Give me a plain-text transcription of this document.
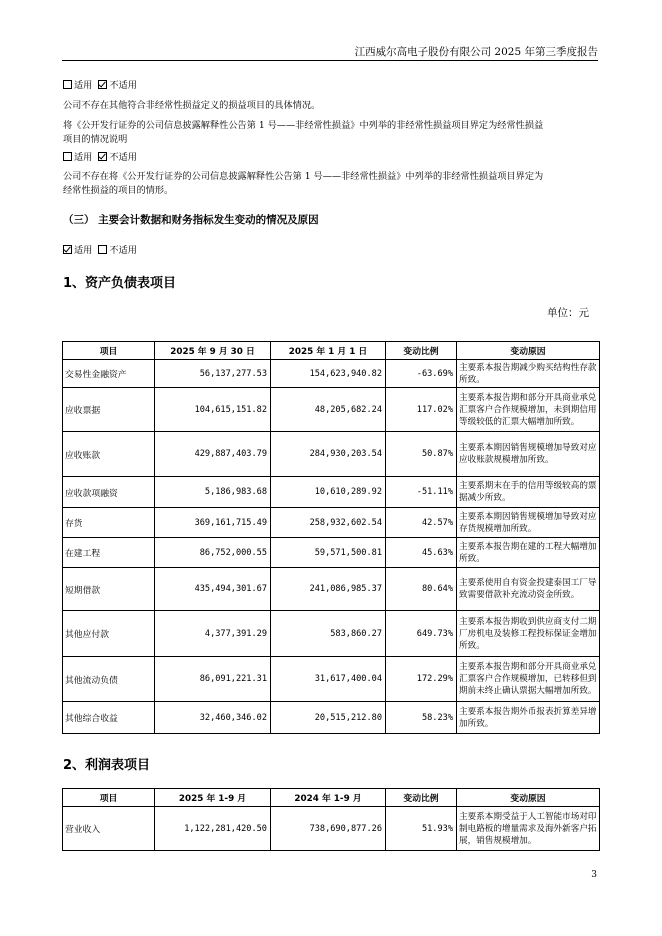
江西威尔高电子股份有限公司 2025 年第三季度报告
适用 不适用
公司不存在其他符合非经常性损益定义的损益项目的具体情况。
将《公开发行证券的公司信息披露解释性公告第 1 号——非经常性损益》中列举的非经常性损益项目界定为经常性损益
项目的情况说明
适用 不适用
公司不存在将《公开发行证券的公司信息披露解释性公告第 1 号——非经常性损益》中列举的非经常性损益项目界定为
经常性损益的项目的情形。
（三） 主要会计数据和财务指标发生变动的情况及原因
适用 不适用
1、资产负债表项目
单位：元
项目	2025 年 9 月 30 日	2025 年 1 月 1 日	变动比例	变动原因
交易性金融资产	56,137,277.53	154,623,940.82	-63.69%	主要系本报告期减少购买结构性存款所致。
应收票据	104,615,151.82	48,205,682.24	117.02%	主要系本报告期和部分开具商业承兑汇票客户合作规模增加，未到期信用等级较低的汇票大幅增加所致。
应收账款	429,887,403.79	284,930,203.54	50.87%	主要系本期因销售规模增加导致对应应收账款规模增加所致。
应收款项融资	5,186,983.68	10,610,289.92	-51.11%	主要系期末在手的信用等级较高的票据减少所致。
存货	369,161,715.49	258,932,602.54	42.57%	主要系本期因销售规模增加导致对应存货规模增加所致。
在建工程	86,752,000.55	59,571,500.81	45.63%	主要系本报告期在建的工程大幅增加所致。
短期借款	435,494,301.67	241,086,985.37	80.64%	主要系使用自有资金投建泰国工厂导致需要借款补充流动资金所致。
其他应付款	4,377,391.29	583,860.27	649.73%	主要系本报告期收到供应商支付二期厂房机电及装修工程投标保证金增加所致。
其他流动负债	86,091,221.31	31,617,400.04	172.29%	主要系本报告期和部分开具商业承兑汇票客户合作规模增加，已转移但到期前未终止确认票据大幅增加所致。
其他综合收益	32,460,346.02	20,515,212.80	58.23%	主要系本报告期外币报表折算差异增加所致。
2、利润表项目
项目	2025 年 1-9 月	2024 年 1-9 月	变动比例	变动原因
营业收入	1,122,281,420.50	738,690,877.26	51.93%	主要系本期受益于人工智能市场对印制电路板的增量需求及海外新客户拓展，销售规模增加。
3
